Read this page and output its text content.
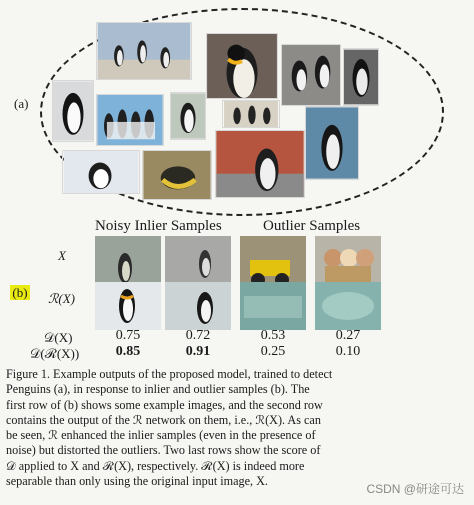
(a)
Noisy Inlier Samples	Outlier Samples
X
(b) ℛ(X)
𝒟(X)	0.75	0.72	0.53	0.27
𝒟(ℛ(X))	0.85	0.91	0.25	0.10

Figure 1. Example outputs of the proposed model, trained to detect

Penguins (a), in response to inlier and outlier samples (b). The

first row of (b) shows some example images, and the second row

contains the output of the ℛ network on them, i.e., ℛ(X). As can

be seen, ℛ enhanced the inlier samples (even in the presence of

noise) but distorted the outliers. Two last rows show the score of

𝒟 applied to X and ℛ(X), respectively. ℛ(X) is indeed more

separable than only using the original input image, X.

CSDN @研途可达
